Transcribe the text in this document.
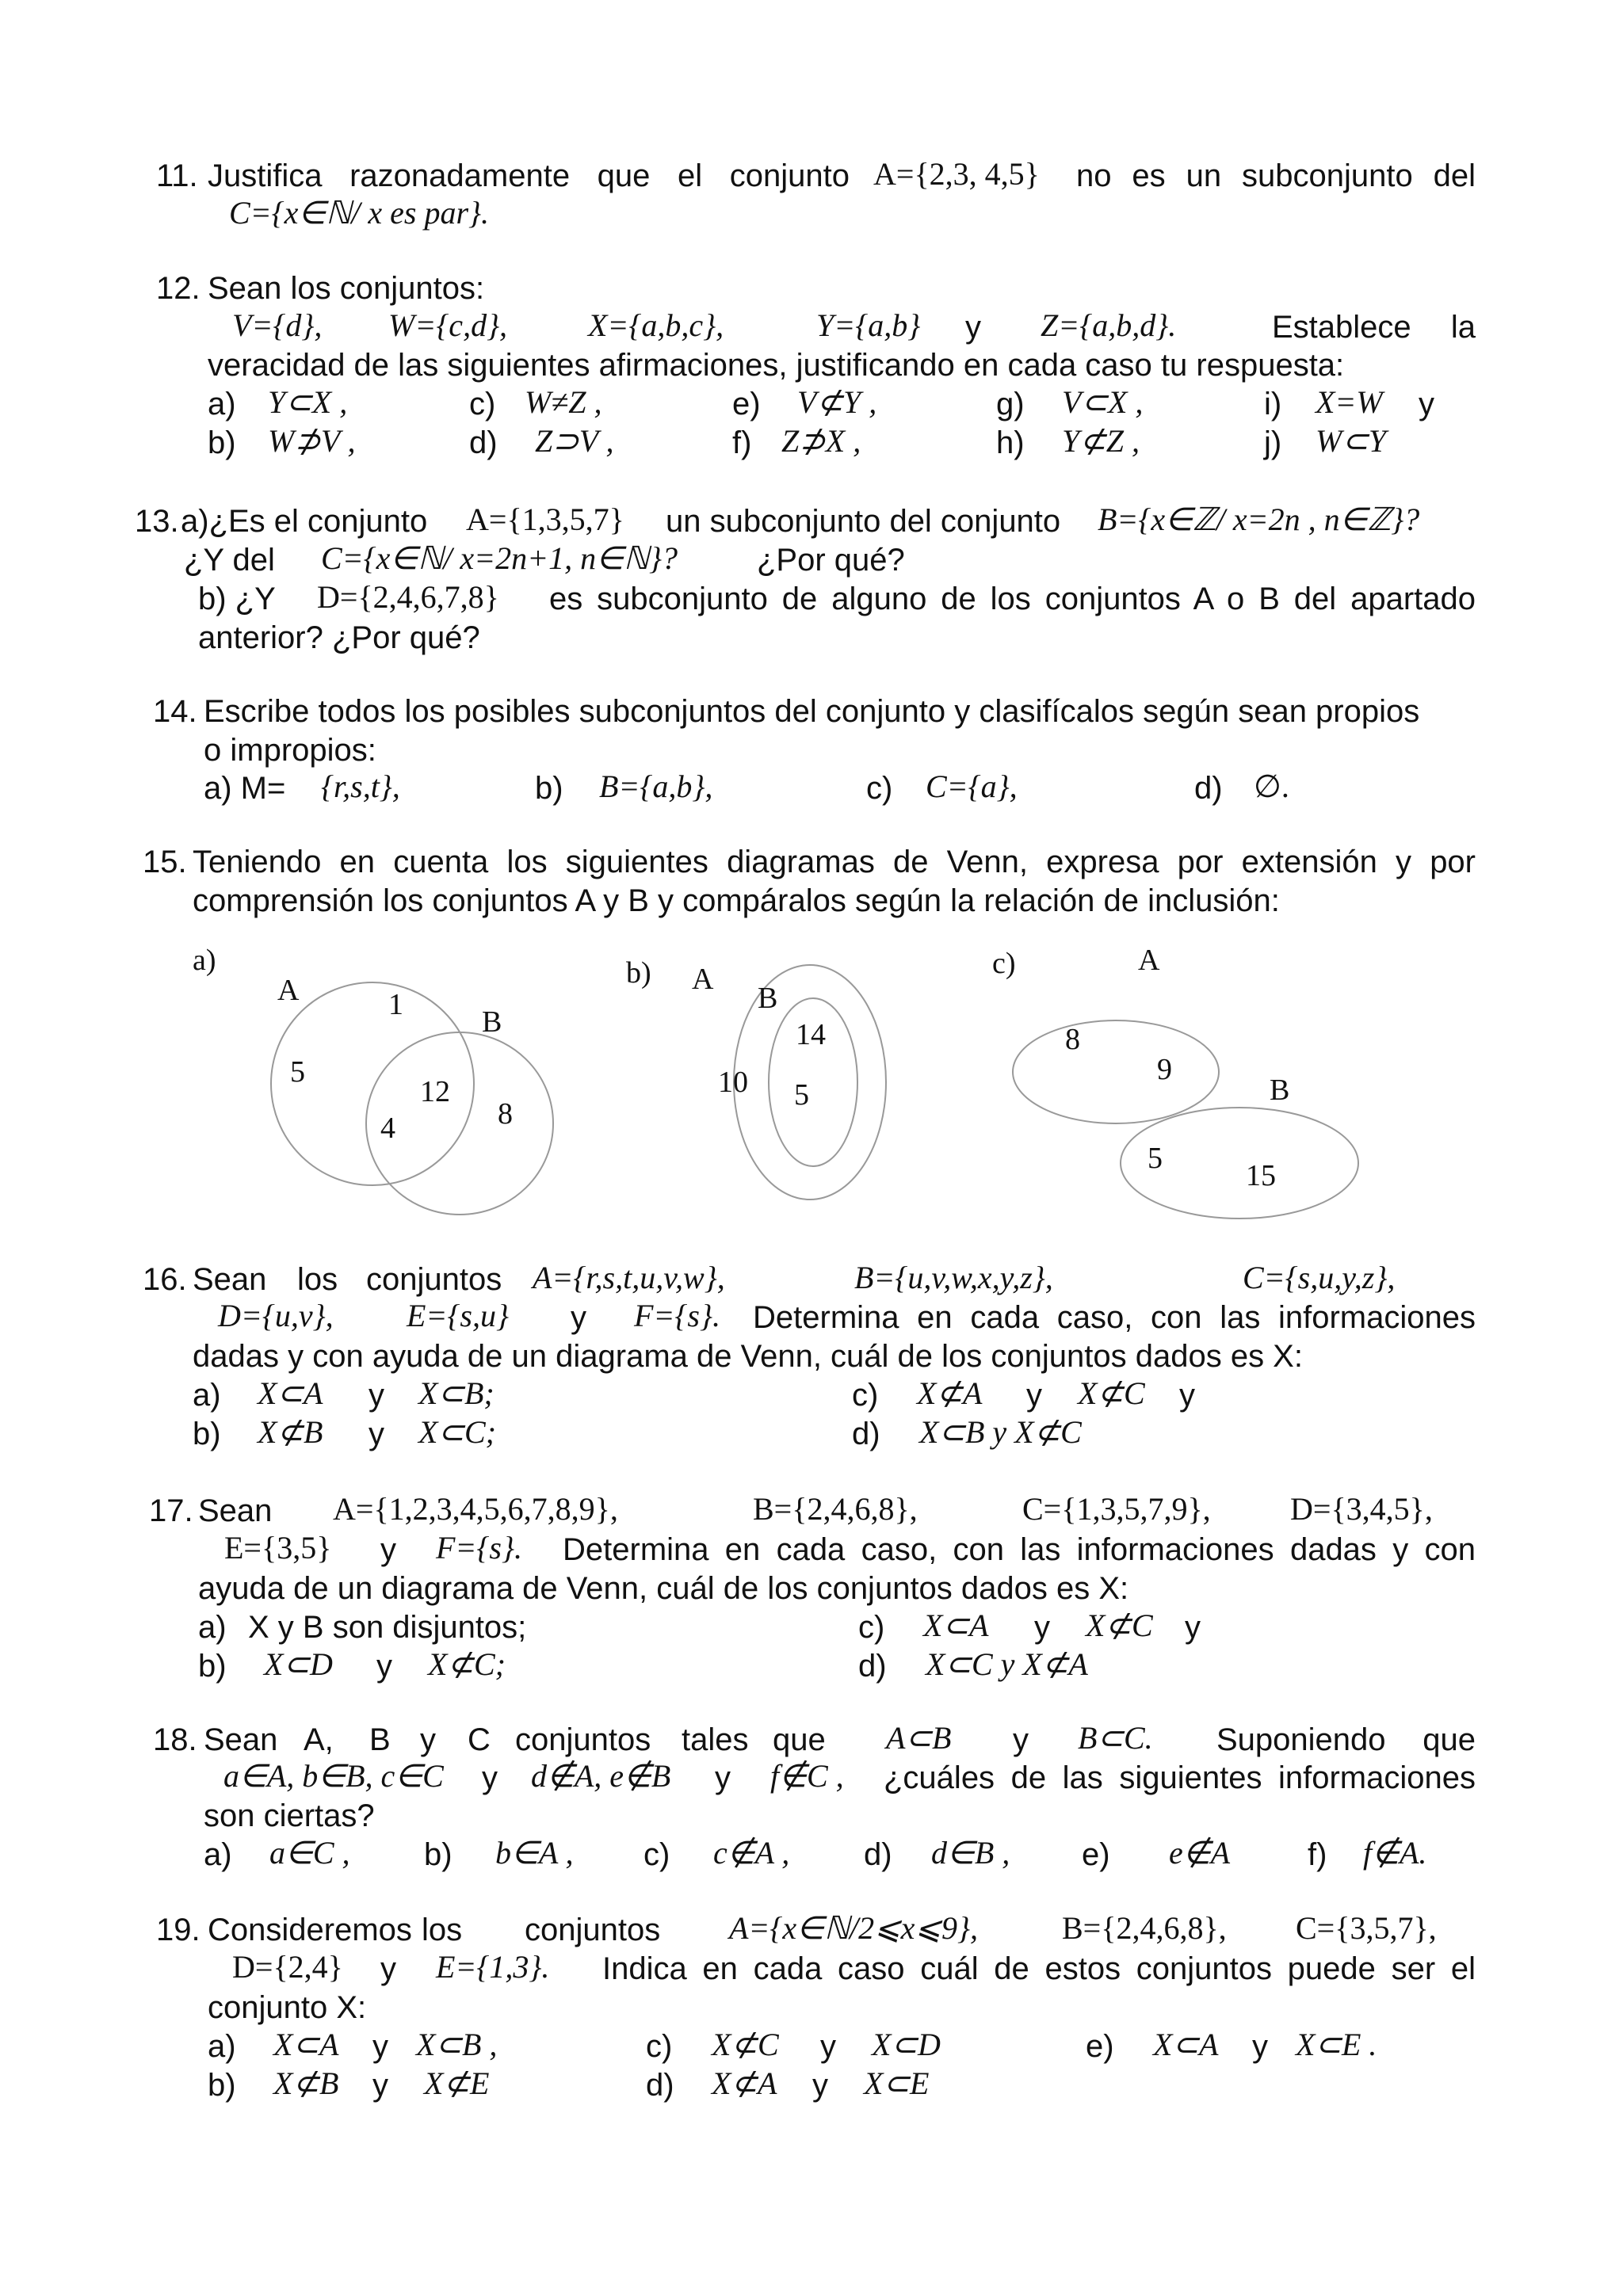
11. Justifica razonadamente que el conjunto A={2,3, 4,5} no es un subconjunto del
C={x∈ℕ/ x es par}.
12. Sean los conjuntos:
V={d}, W={c,d},	X={a,b,c},	Y={a,b} y Z={a,b,d}.	Establece la
veracidad de las siguientes afirmaciones, justificando en cada caso tu respuesta:
a) Y⊂X ,	c) W≠Z ,	e) V⊄Y ,	g) V⊂X ,	i) X=W y
b) W⊅V ,	d) Z⊃V ,	f) Z⊅X ,	h) Y⊄Z ,	j) W⊂Y
13. a)¿Es el conjunto A={1,3,5,7} un subconjunto del conjunto B={x∈ℤ/ x=2n , n∈ℤ}?
¿Y del C={x∈ℕ/ x=2n+1, n∈ℕ}? ¿Por qué?
b) ¿Y D={2,4,6,7,8} es subconjunto de alguno de los conjuntos A o B del apartado
anterior? ¿Por qué?
14. Escribe todos los posibles subconjuntos del conjunto y clasifícalos según sean propios
o impropios:
a) M= {r,s,t},	b) B={a,b},	c) C={a},	d) ∅.
15. Teniendo en cuenta los siguientes diagramas de Venn, expresa por extensión y por
comprensión los conjuntos A y B y compáralos según la relación de inclusión:
a)
A
B
1
5
12
4	8
b) A
B
14
10 5
c)	A
B
8
9
5
15
16. Sean los conjuntos A={r,s,t,u,v,w},	B={u,v,w,x,y,z},	C={s,u,y,z},
D={u,v}, E={s,u} y F={s}. Determina en cada caso, con las informaciones
dadas y con ayuda de un diagrama de Venn, cuál de los conjuntos dados es X:
a) X⊂A y X⊂B;	c) X⊄A y X⊄C y
b) X⊄B y X⊂C;	d) X⊂B y X⊄C
17. Sean A={1,2,3,4,5,6,7,8,9},	B={2,4,6,8},	C={1,3,5,7,9},	D={3,4,5},
E={3,5} y F={s}. Determina en cada caso, con las informaciones dadas y con
ayuda de un diagrama de Venn, cuál de los conjuntos dados es X:
a) X y B son disjuntos;	c) X⊂A y X⊄C y
b) X⊂D y X⊄C;	d) X⊂C y X⊄A
18. Sean A, B y C conjuntos tales que A⊂B y B⊂C. Suponiendo que
a∈A, b∈B, c∈C y d∉A, e∉B y f∉C , ¿cuáles de las siguientes informaciones
son ciertas?
a) a∈C , b) b∈A , c) c∉A , d) d∈B , e) e∉A f) f∉A.
19. Consideremos los conjuntos A={x∈ℕ/2⩽x⩽9},	B={2,4,6,8}, C={3,5,7},
D={2,4} y E={1,3}. Indica en cada caso cuál de estos conjuntos puede ser el
conjunto X:
a) X⊂A y X⊂B ,	c) X⊄C y X⊂D	e) X⊂A y X⊂E .
b) X⊄B y X⊄E	d) X⊄A y X⊂E
